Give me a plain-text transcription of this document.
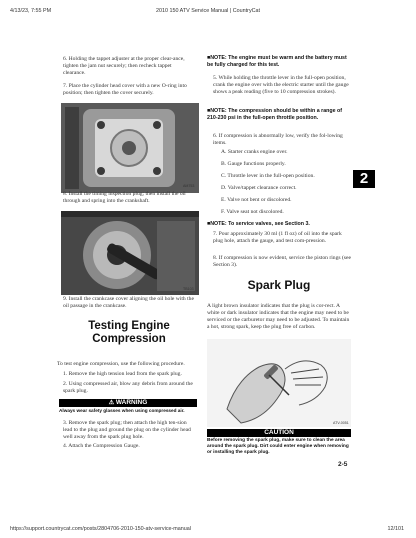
4/13/23, 7:55 PM	2010 150 ATV Service Manual | CountryCat
https://support.countrycat.com/posts/2804706-2010-150-atv-service-manual	12/101
6. Holding the tappet adjuster at the proper clear-ance, tighten the jam nut securely; then recheck tappet clearance.
7. Place the cylinder head cover with a new O-ring into position; then tighten the cover securely.
AM753
8. Install the timing inspection plug; then install the oil through and spring into the crankshaft.
TB103
9. Install the crankcase cover aligning the oil hole with the oil passage in the crankcase.
Testing Engine
Compression
To test engine compression, use the following procedure.
1. Remove the high tension lead from the spark plug.
2. Using compressed air, blow any debris from around the spark plug.
⚠ WARNING
Always wear safety glasses when using compressed air.
3. Remove the spark plug; then attach the high ten-sion lead to the plug and ground the plug on the cylinder head well away from the spark plug hole.
4. Attach the Compression Gauge.
■NOTE: The engine must be warm and the battery must be fully charged for this test.
5. While holding the throttle lever in the full-open position, crank the engine over with the electric starter until the gauge shows a peak reading (five to 10 compression strokes).
■NOTE: The compression should be within a range of 210-230 psi in the full-open throttle position.
6. If compression is abnormally low, verify the fol-lowing items.
A. Starter cranks engine over.
B. Gauge functions properly.
C. Throttle lever in the full-open position.
D. Valve/tappet clearance correct.
E. Valve not bent or discolored.
F. Valve seat not discolored.
■NOTE: To service valves, see Section 3.
7. Pour approximately 30 ml (1 fl oz) of oil into the spark plug hole, attach the gauge, and test com-pression.
8. If compression is now evident, service the piston rings (see Section 3).
Spark Plug
A light brown insulator indicates that the plug is cor-rect. A white or dark insulator indicates that the engine may need to be serviced or the carburetor may need to be adjusted. To maintain a hot, strong spark, keep the plug free of carbon.
ATV-0051
CAUTION
Before removing the spark plug, make sure to clean the area around the spark plug. Dirt could enter engine when removing or installing the spark plug.
2-5
2
